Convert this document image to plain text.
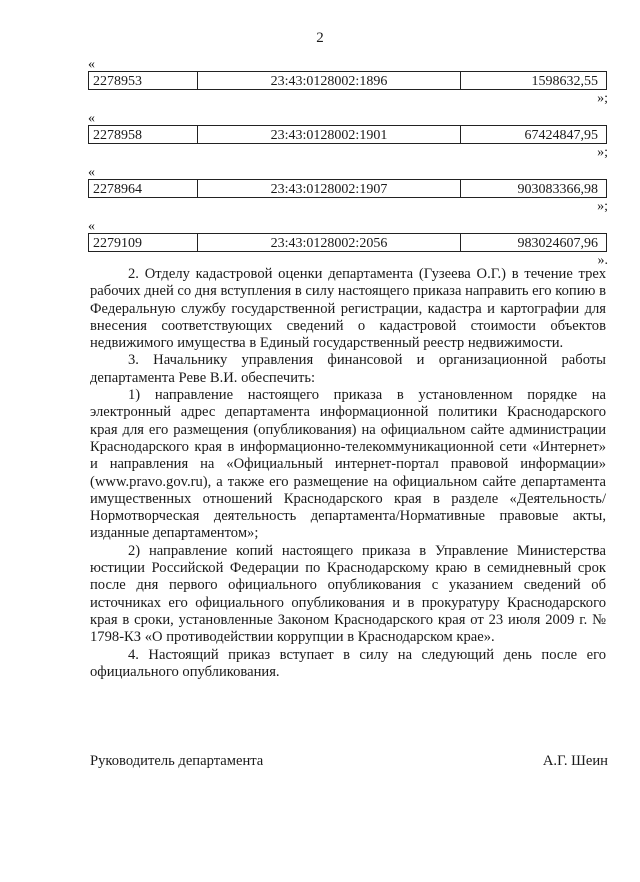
2
«
2278953	23:43:0128002:1896	1598632,55
»;
«
2278958	23:43:0128002:1901	67424847,95
»;
«
2278964	23:43:0128002:1907	903083366,98
»;
«
2279109	23:43:0128002:2056	983024607,96
».

2. Отделу кадастровой оценки департамента (Гузеева О.Г.) в течение трех рабочих дней со дня вступления в силу настоящего приказа направить его копию в Федеральную службу государственной регистрации, кадастра и картографии для внесения соответствующих сведений о кадастровой стоимости объектов недвижимого имущества в Единый государственный реестр недвижимости.

3. Начальнику управления финансовой и организационной работы департамента Реве В.И. обеспечить:

1) направление настоящего приказа в установленном порядке на электронный адрес департамента информационной политики Краснодарского края для его размещения (опубликования) на официальном сайте администрации Краснодарского края в информационно-телекоммуникационной сети «Интернет» и направления на «Официальный интернет-портал правовой информации» (www.pravo.gov.ru), а также его размещение на официальном сайте департамента имущественных отношений Краснодарского края в разделе «Деятельность/Нормотворческая деятельность департамента/Нормативные правовые акты, изданные департаментом»;

2) направление копий настоящего приказа в Управление Министерства юстиции Российской Федерации по Краснодарскому краю в семидневный срок после дня первого официального опубликования с указанием сведений об источниках его официального опубликования и в прокуратуру Краснодарского края в сроки, установленные Законом Краснодарского края от 23 июля 2009 г. № 1798-КЗ «О противодействии коррупции в Краснодарском крае».

4. Настоящий приказ вступает в силу на следующий день после его официального опубликования.

Руководитель департамента	А.Г. Шеин
